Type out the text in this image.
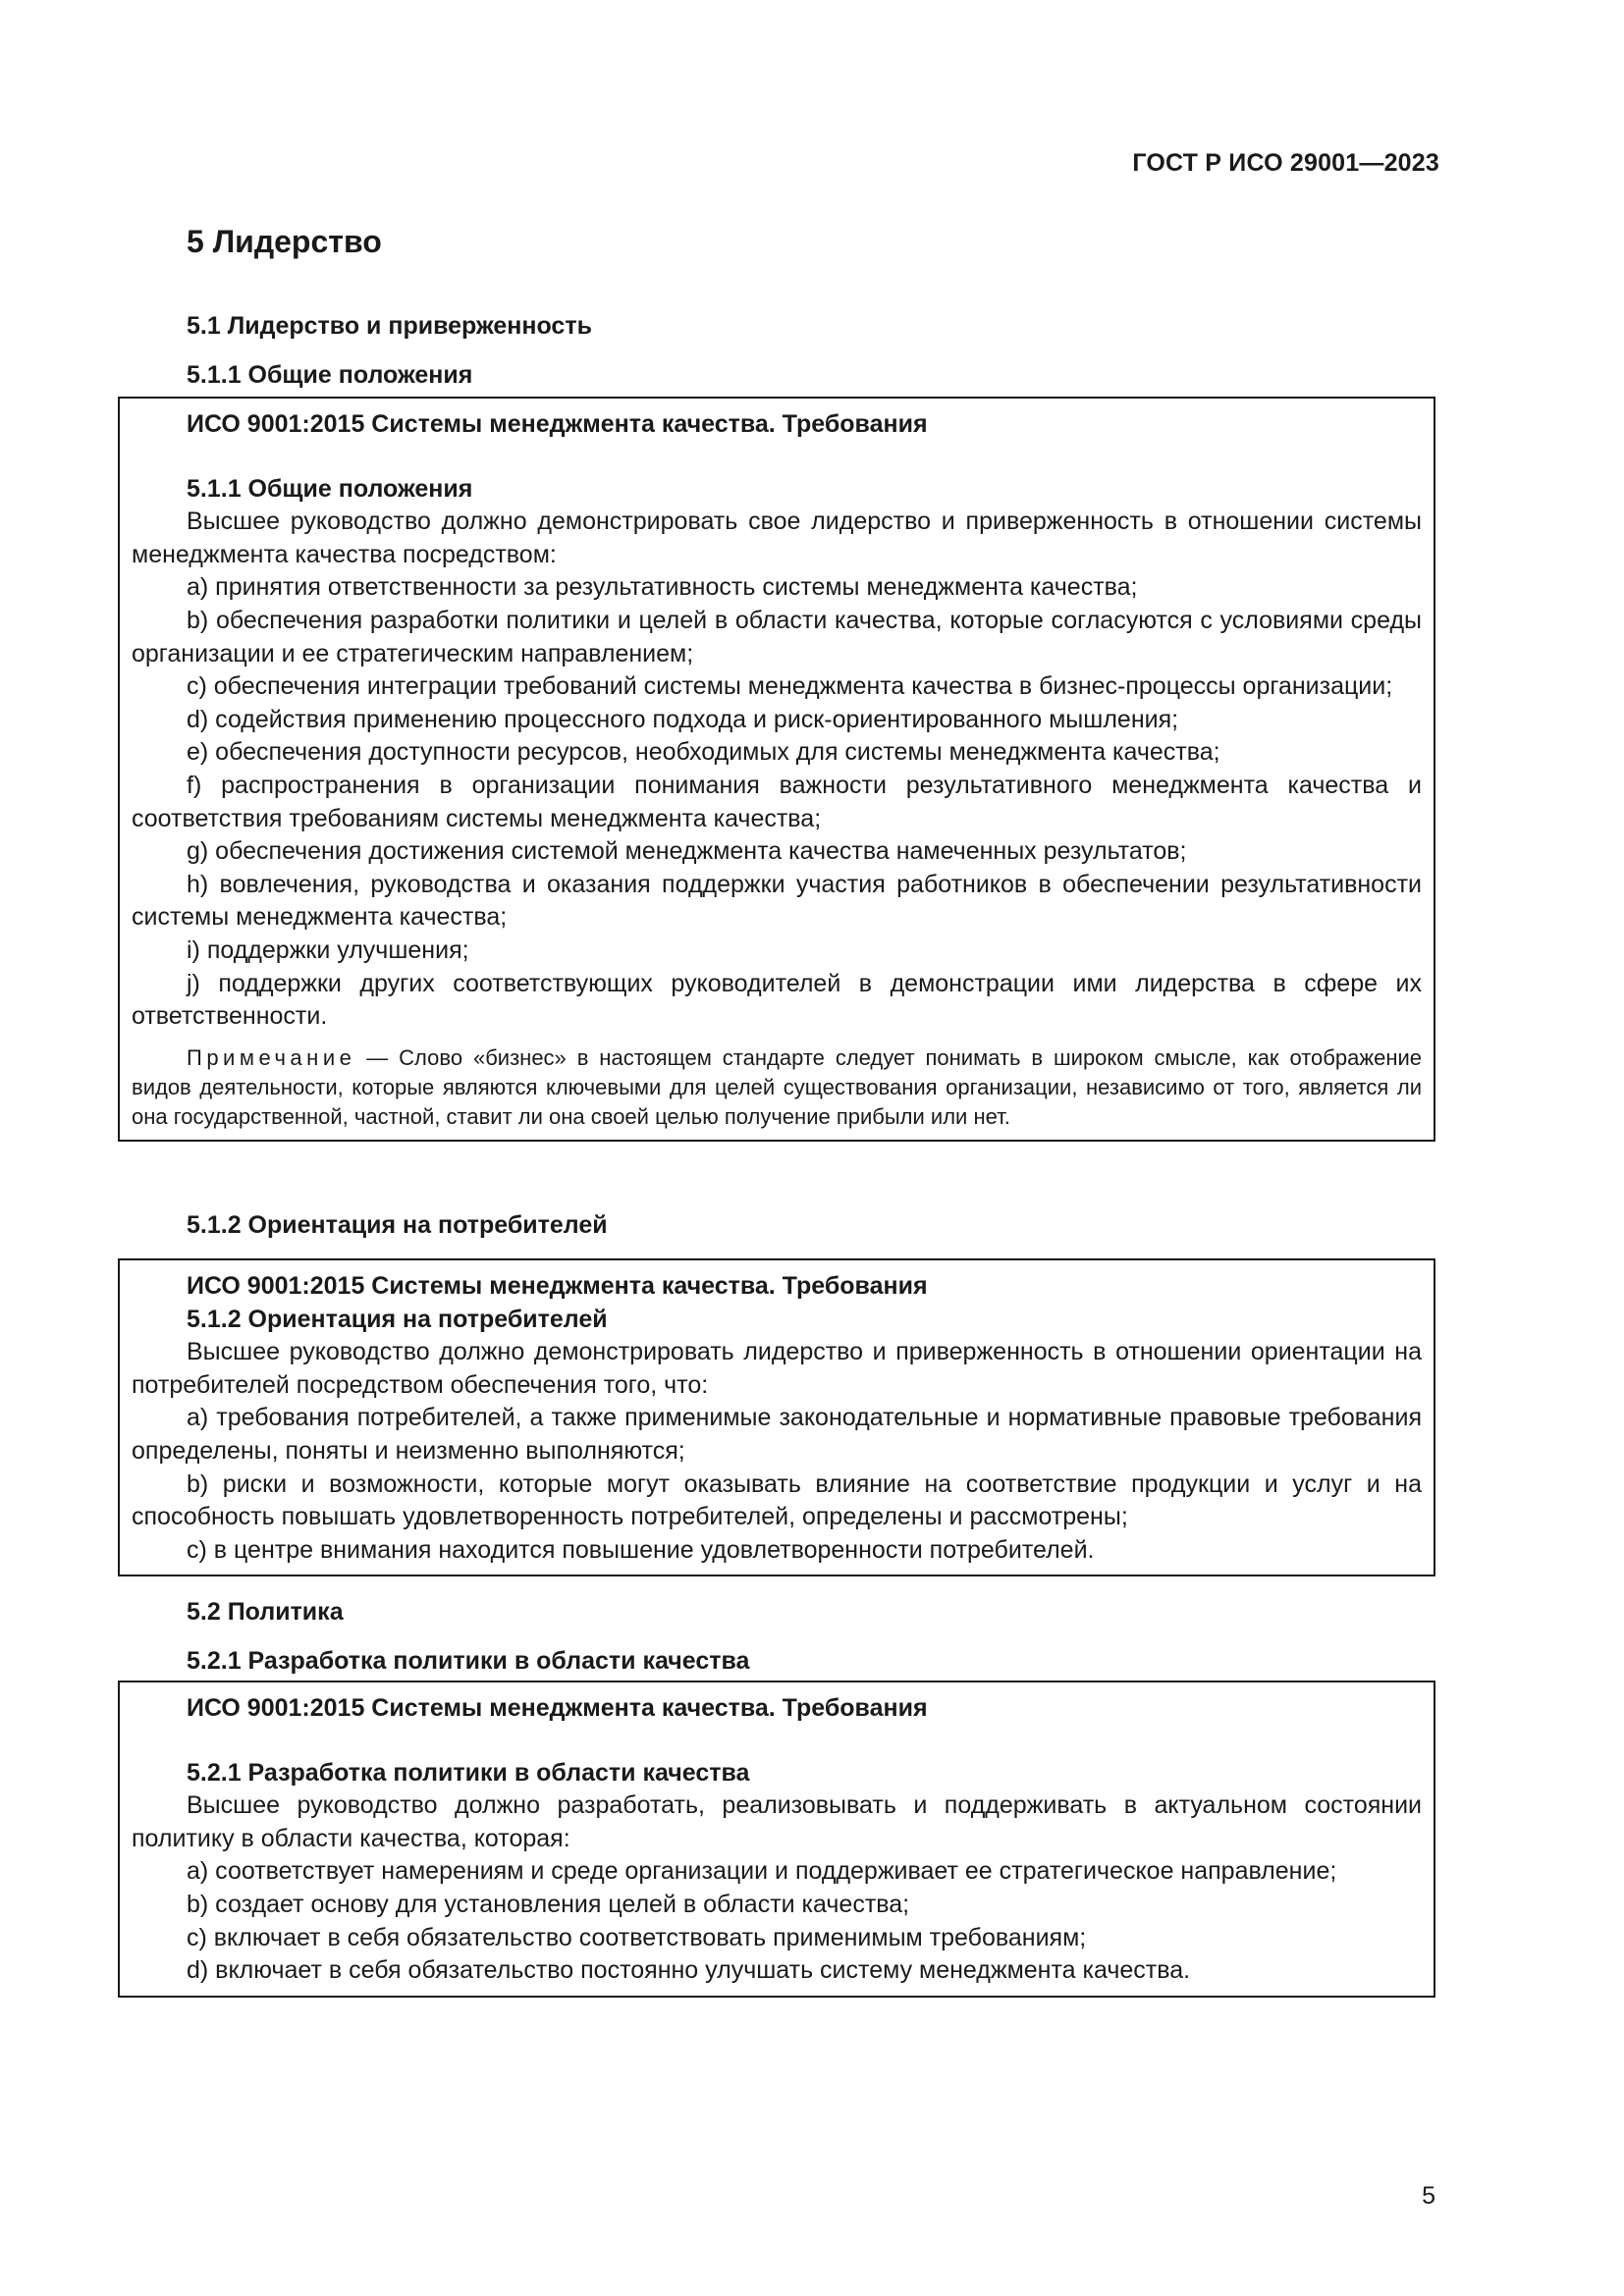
ГОСТ Р ИСО 29001—2023
5 Лидерство
5.1 Лидерство и приверженность
5.1.1 Общие положения
ИСО 9001:2015 Системы менеджмента качества. Требования
5.1.1 Общие положения
Высшее руководство должно демонстрировать свое лидерство и приверженность в отношении системы менеджмента качества посредством:
a) принятия ответственности за результативность системы менеджмента качества;
b) обеспечения разработки политики и целей в области качества, которые согласуются с условиями среды организации и ее стратегическим направлением;
c) обеспечения интеграции требований системы менеджмента качества в бизнес-процессы организации;
d) содействия применению процессного подхода и риск-ориентированного мышления;
e) обеспечения доступности ресурсов, необходимых для системы менеджмента качества;
f) распространения в организации понимания важности результативного менеджмента качества и соответствия требованиям системы менеджмента качества;
g) обеспечения достижения системой менеджмента качества намеченных результатов;
h) вовлечения, руководства и оказания поддержки участия работников в обеспечении результативности системы менеджмента качества;
i) поддержки улучшения;
j) поддержки других соответствующих руководителей в демонстрации ими лидерства в сфере их ответственности.
Примечание — Слово «бизнес» в настоящем стандарте следует понимать в широком смысле, как отображение видов деятельности, которые являются ключевыми для целей существования организации, независимо от того, является ли она государственной, частной, ставит ли она своей целью получение прибыли или нет.
5.1.2 Ориентация на потребителей
ИСО 9001:2015 Системы менеджмента качества. Требования
5.1.2 Ориентация на потребителей
Высшее руководство должно демонстрировать лидерство и приверженность в отношении ориентации на потребителей посредством обеспечения того, что:
a) требования потребителей, а также применимые законодательные и нормативные правовые требования определены, поняты и неизменно выполняются;
b) риски и возможности, которые могут оказывать влияние на соответствие продукции и услуг и на способность повышать удовлетворенность потребителей, определены и рассмотрены;
c) в центре внимания находится повышение удовлетворенности потребителей.
5.2 Политика
5.2.1 Разработка политики в области качества
ИСО 9001:2015 Системы менеджмента качества. Требования
5.2.1 Разработка политики в области качества
Высшее руководство должно разработать, реализовывать и поддерживать в актуальном состоянии политику в области качества, которая:
a) соответствует намерениям и среде организации и поддерживает ее стратегическое направление;
b) создает основу для установления целей в области качества;
c) включает в себя обязательство соответствовать применимым требованиям;
d) включает в себя обязательство постоянно улучшать систему менеджмента качества.
5
